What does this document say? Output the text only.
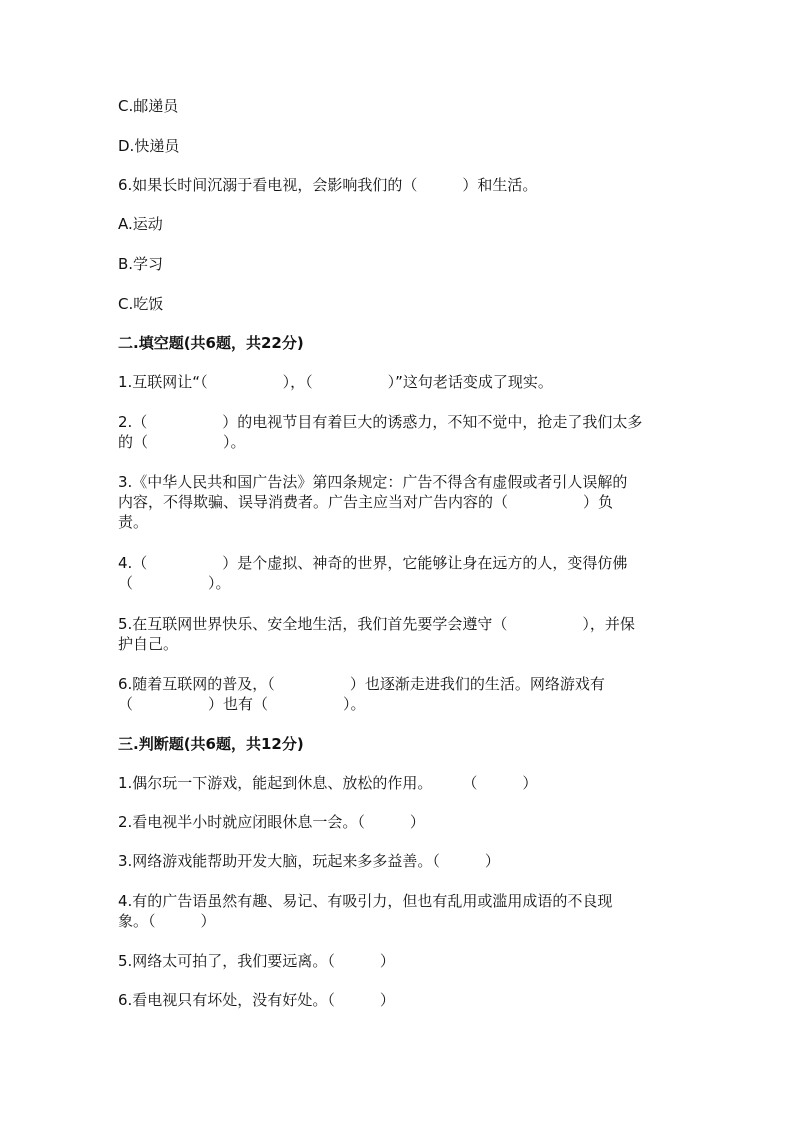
C.邮递员
D.快递员
6.如果长时间沉溺于看电视，会影响我们的（　　　）和生活。
A.运动
B.学习
C.吃饭
二.填空题(共6题，共22分)
1.互联网让“（　　　　　），（　　　　　）”这句老话变成了现实。
2.（　　　　　）的电视节目有着巨大的诱惑力，不知不觉中，抢走了我们太多
的（　　　　　）。
3.《中华人民共和国广告法》第四条规定：广告不得含有虚假或者引人误解的
内容，不得欺骗、误导消费者。广告主应当对广告内容的（　　　　　）负
责。
4.（　　　　　）是个虚拟、神奇的世界，它能够让身在远方的人，变得仿佛
（　　　　　）。
5.在互联网世界快乐、安全地生活，我们首先要学会遵守（　　　　　），并保
护自己。
6.随着互联网的普及，（　　　　　）也逐渐走进我们的生活。网络游戏有
（　　　　　）也有（　　　　　）。
三.判断题(共6题，共12分)
1.偶尔玩一下游戏，能起到休息、放松的作用。　　　（　　　）
2.看电视半小时就应闭眼休息一会。（　　　）
3.网络游戏能帮助开发大脑，玩起来多多益善。（　　　）
4.有的广告语虽然有趣、易记、有吸引力，但也有乱用或滥用成语的不良现
象。（　　　）
5.网络太可拍了，我们要远离。（　　　）
6.看电视只有坏处，没有好处。（　　　）
